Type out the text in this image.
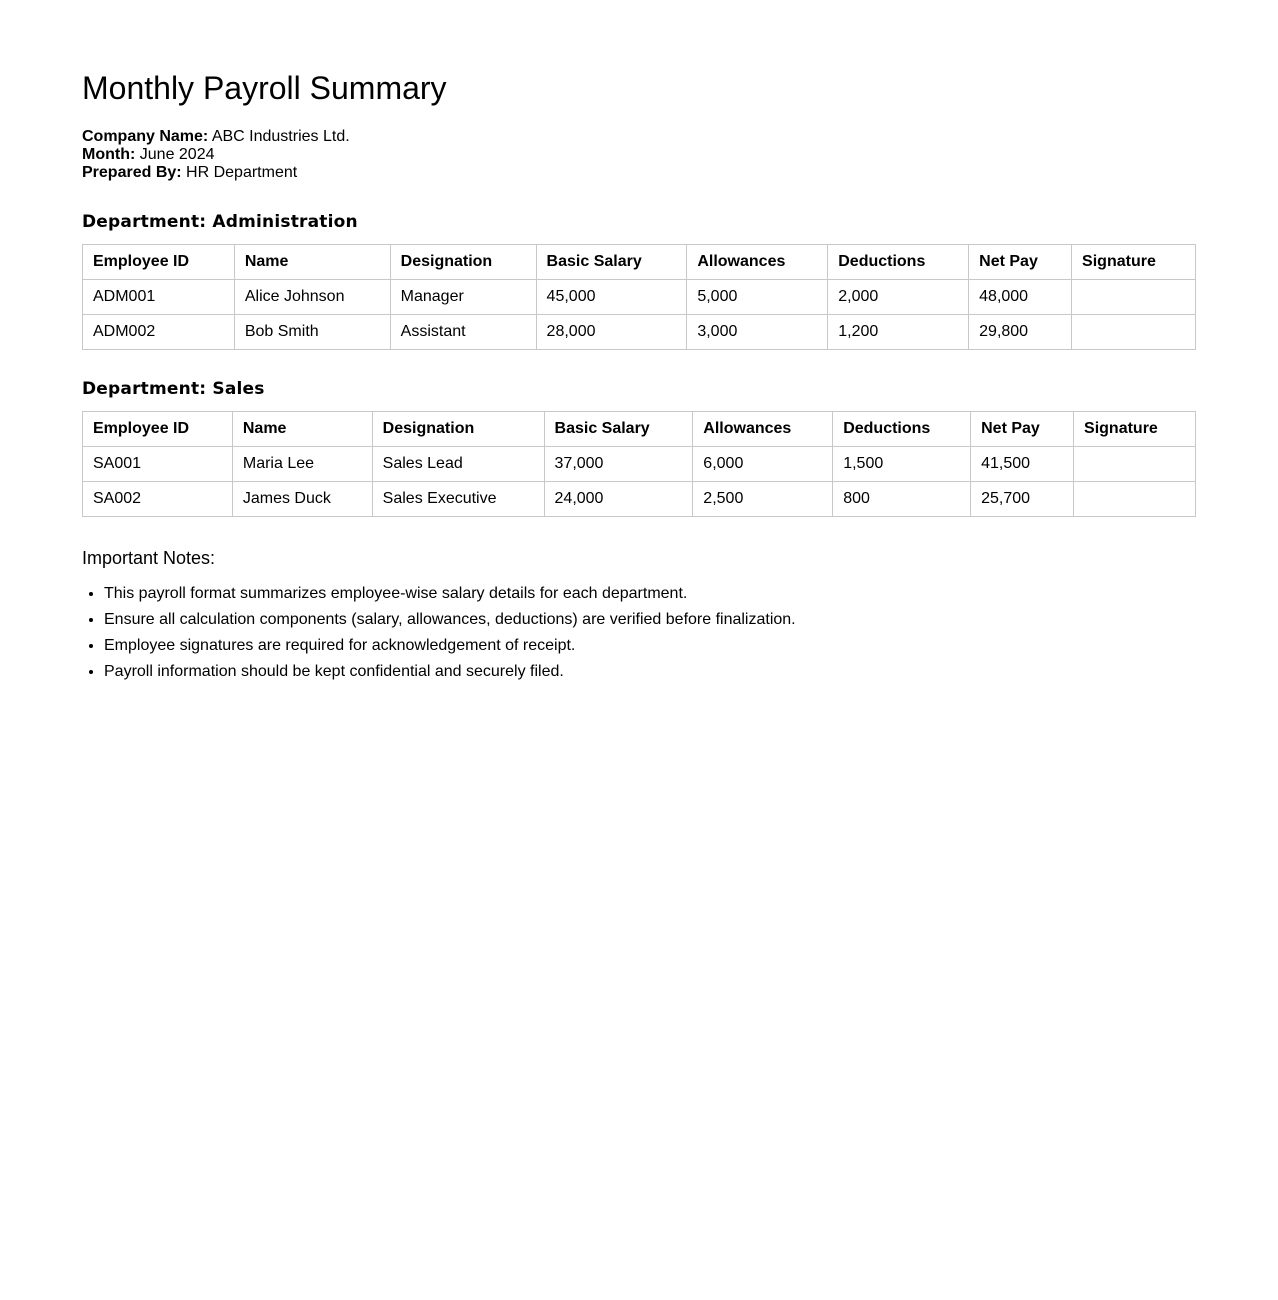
Monthly Payroll Summary
Company Name: ABC Industries Ltd.
Month: June 2024
Prepared By: HR Department
Department: Administration
Employee ID	Name	Designation	Basic Salary	Allowances	Deductions	Net Pay	Signature
ADM001	Alice Johnson	Manager	45,000	5,000	2,000	48,000	
ADM002	Bob Smith	Assistant	28,000	3,000	1,200	29,800	
Department: Sales
Employee ID	Name	Designation	Basic Salary	Allowances	Deductions	Net Pay	Signature
SA001	Maria Lee	Sales Lead	37,000	6,000	1,500	41,500	
SA002	James Duck	Sales Executive	24,000	2,500	800	25,700	
Important Notes:
• This payroll format summarizes employee-wise salary details for each department.
• Ensure all calculation components (salary, allowances, deductions) are verified before finalization.
• Employee signatures are required for acknowledgement of receipt.
• Payroll information should be kept confidential and securely filed.
